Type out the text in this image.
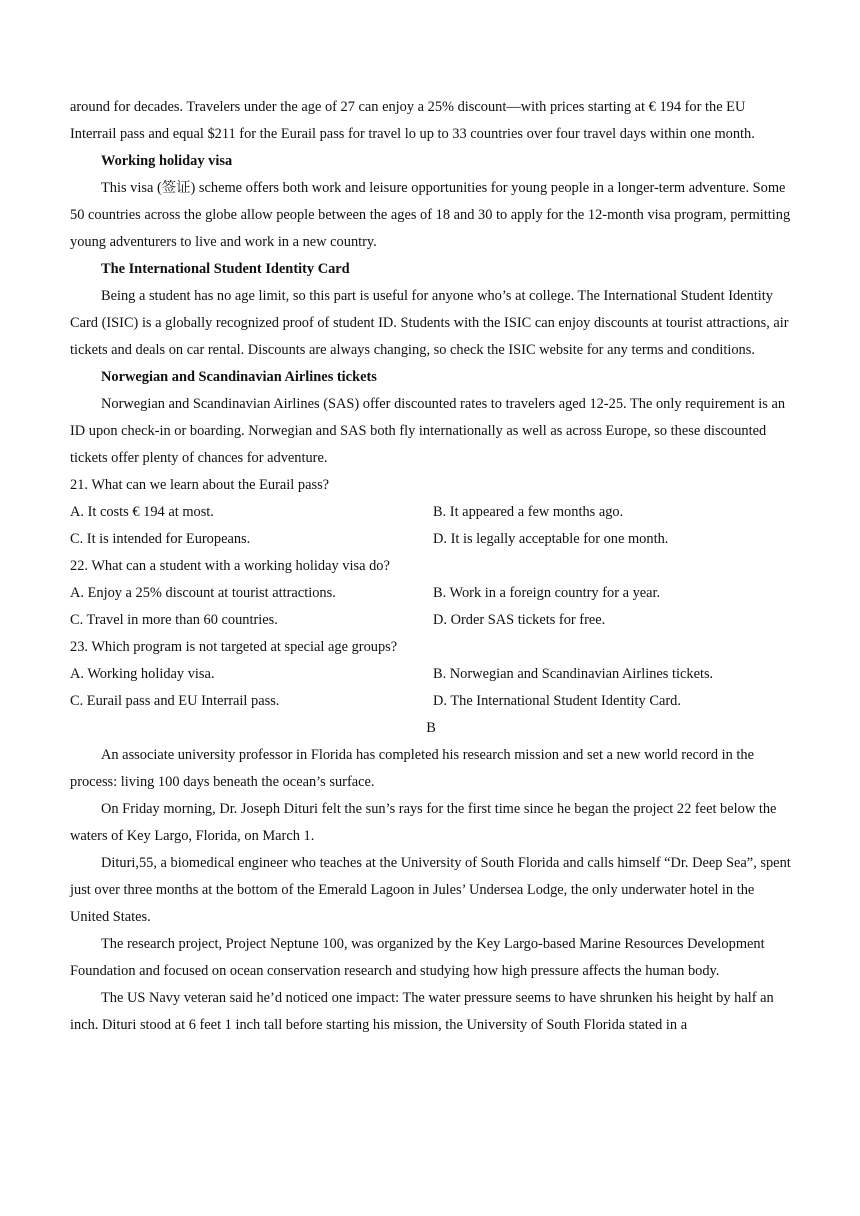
around for decades. Travelers under the age of 27 can enjoy a 25% discount—with prices starting at € 194 for the EU Interrail pass and equal $211 for the Eurail pass for travel lo up to 33 countries over four travel days within one month.

Working holiday visa

This visa (签证) scheme offers both work and leisure opportunities for young people in a longer-term adventure. Some 50 countries across the globe allow people between the ages of 18 and 30 to apply for the 12-month visa program, permitting young adventurers to live and work in a new country.

The International Student Identity Card

Being a student has no age limit, so this part is useful for anyone who’s at college. The International Student Identity Card (ISIC) is a globally recognized proof of student ID. Students with the ISIC can enjoy discounts at tourist attractions, air tickets and deals on car rental. Discounts are always changing, so check the ISIC website for any terms and conditions.

Norwegian and Scandinavian Airlines tickets

Norwegian and Scandinavian Airlines (SAS) offer discounted rates to travelers aged 12-25. The only requirement is an ID upon check-in or boarding. Norwegian and SAS both fly internationally as well as across Europe, so these discounted tickets offer plenty of chances for adventure.

21. What can we learn about the Eurail pass?

A. It costs € 194 at most.	B. It appeared a few months ago.
C. It is intended for Europeans.	D. It is legally acceptable for one month.

22. What can a student with a working holiday visa do?

A. Enjoy a 25% discount at tourist attractions.	B. Work in a foreign country for a year.
C. Travel in more than 60 countries.	D. Order SAS tickets for free.

23. Which program is not targeted at special age groups?

A. Working holiday visa.	B. Norwegian and Scandinavian Airlines tickets.
C. Eurail pass and EU Interrail pass.	D. The International Student Identity Card.

B

An associate university professor in Florida has completed his research mission and set a new world record in the process: living 100 days beneath the ocean’s surface.

On Friday morning, Dr. Joseph Dituri felt the sun’s rays for the first time since he began the project 22 feet below the waters of Key Largo, Florida, on March 1.

Dituri,55, a biomedical engineer who teaches at the University of South Florida and calls himself “Dr. Deep Sea”, spent just over three months at the bottom of the Emerald Lagoon in Jules’ Undersea Lodge, the only underwater hotel in the United States.

The research project, Project Neptune 100, was organized by the Key Largo-based Marine Resources Development Foundation and focused on ocean conservation research and studying how high pressure affects the human body.

The US Navy veteran said he’d noticed one impact: The water pressure seems to have shrunken his height by half an inch. Dituri stood at 6 feet 1 inch tall before starting his mission, the University of South Florida stated in a
